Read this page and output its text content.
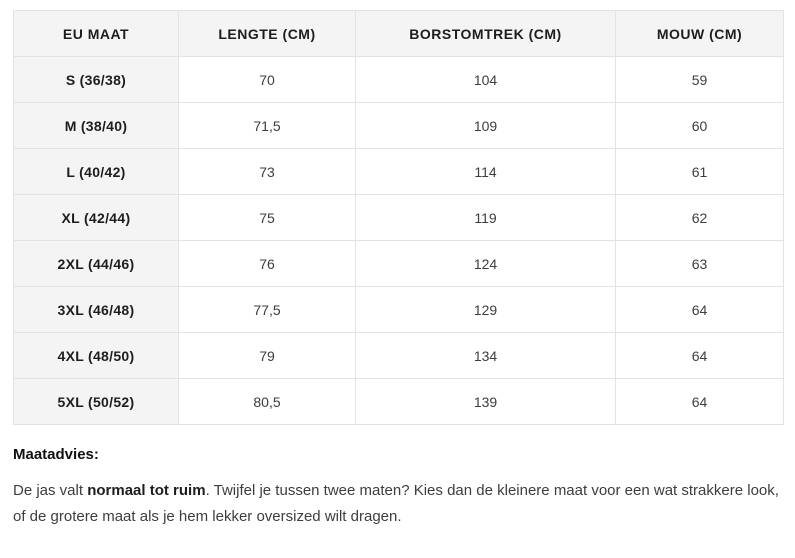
EU MAAT	LENGTE (CM)	BORSTOMTREK (CM)	MOUW (CM)
S (36/38)	70	104	59
M (38/40)	71,5	109	60
L (40/42)	73	114	61
XL (42/44)	75	119	62
2XL (44/46)	76	124	63
3XL (46/48)	77,5	129	64
4XL (48/50)	79	134	64
5XL (50/52)	80,5	139	64
Maatadvies:

De jas valt normaal tot ruim. Twijfel je tussen twee maten? Kies dan de kleinere maat voor een wat strakkere look, of de grotere maat als je hem lekker oversized wilt dragen.
